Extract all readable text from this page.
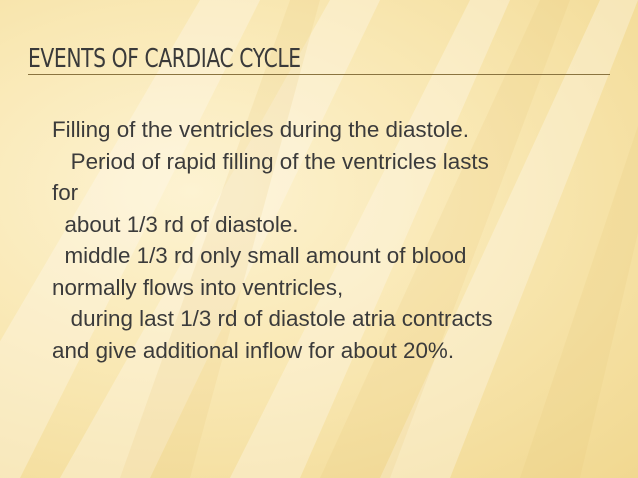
EVENTS OF CARDIAC CYCLE
Filling of the ventricles during the diastole.
Period of rapid filling of the ventricles lasts
for
about 1/3 rd of diastole.
middle 1/3 rd only small amount of blood
normally flows into ventricles,
during last 1/3 rd of diastole atria contracts
and give additional inflow for about 20%.
